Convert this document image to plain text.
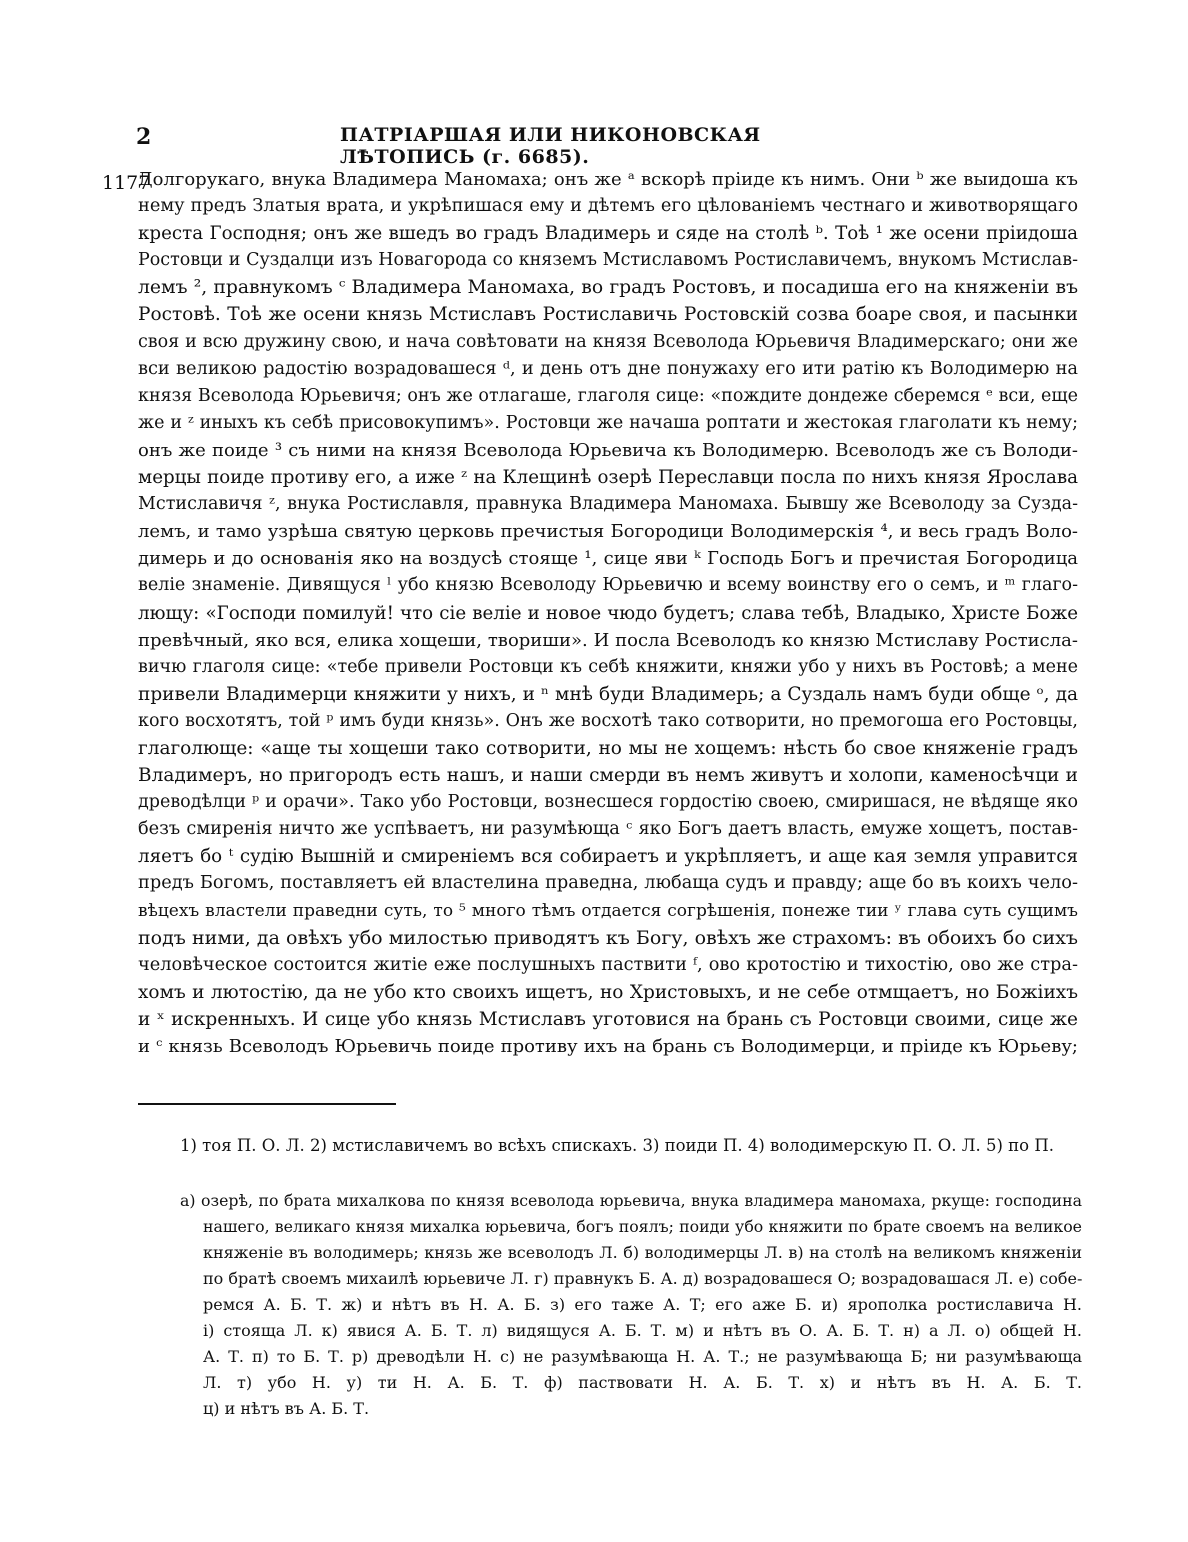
2	ПАТРІАРШАЯ ИЛИ НИКОНОВСКАЯ ЛѢТОПИСЬ (г. 6685).
1177
Долгорукаго, внука Владимера Маномаха; онъ же ᵃ вскорѣ пріиде къ нимъ. Они ᵇ же выидоша къ
нему предъ Златыя врата, и укрѣпишася ему и дѣтемъ его цѣлованіемъ честнаго и животворящаго
креста Господня; онъ же вшедъ во градъ Владимерь и сяде на столѣ ᵇ. Тоѣ ¹ же осени пріидоша
Ростовци и Суздалци изъ Новагорода со княземъ Мстиславомъ Ростиславичемъ, внукомъ Мстислав-
лемъ ², правнукомъ ᶜ Владимера Маномаха, во градъ Ростовъ, и посадиша его на княженіи въ
Ростовѣ. Тоѣ же осени князь Мстиславъ Ростиславичь Ростовскій созва боаре своя, и пасынки
своя и всю дружину свою, и нача совѣтовати на князя Всеволода Юрьевичя Владимерскаго; они же
вси великою радостію возрадовашеся ᵈ, и день отъ дне понужаху его ити ратію къ Володимерю на
князя Всеволода Юрьевичя; онъ же отлагаше, глаголя сице: «пождите дондеже сберемся ᵉ вси, еще
же и ᶻ иныхъ къ себѣ присовокупимъ». Ростовци же начаша роптати и жестокая глаголати къ нему;
онъ же поиде ³ съ ними на князя Всеволода Юрьевича къ Володимерю. Всеволодъ же съ Володи-
мерцы поиде противу его, а иже ᶻ на Клещинѣ озерѣ Переславци посла по нихъ князя Ярослава
Мстиславичя ᶻ, внука Ростиславля, правнука Владимера Маномаха. Бывшу же Всеволоду за Суздa-
лемъ, и тамо узрѣша святую церковь пречистыя Богородици Володимерскія ⁴, и весь градъ Воло-
димерь и до основанія яко на воздусѣ стояще ¹, сице яви ᵏ Господь Богъ и пречистая Богородица
веліе знаменіе. Дивящуся ˡ убо князю Всеволоду Юрьевичю и всему воинству его о семъ, и ᵐ глаго-
лющу: «Господи помилуй! что сіе веліе и новое чюдо будетъ; слава тебѣ, Владыко, Христе Боже
превѣчный, яко вся, елика хощеши, твориши». И посла Всеволодъ ко князю Мстиславу Ростисла-
вичю глаголя сице: «тебе привели Ростовци къ себѣ княжити, княжи убо у нихъ въ Ростовѣ; а мене
привели Владимерци княжити у нихъ, и ⁿ мнѣ буди Владимерь; а Суздаль намъ буди обще ᵒ, да
кого восхотятъ, той ᵖ имъ буди князь». Онъ же восхотѣ тако сотворити, но премогоша его Ростовцы,
глаголюще: «аще ты хощеши тако сотворити, но мы не хощемъ: нѣсть бо свое княженіе градъ
Владимеръ, но пригородъ есть нашъ, и наши смерди въ немъ живутъ и холопи, каменосѣчци и
древодѣлци ᵖ и орачи». Тако убо Ростовци, вознесшеся гордостію своею, смиришася, не вѣдяще яко
безъ смиренія ничто же успѣваетъ, ни разумѣюща ᶜ яко Богъ даетъ власть, емуже хощетъ, постав-
ляетъ бо ᵗ судію Вышній и смиреніемъ вся собираетъ и укрѣпляетъ, и аще кая земля управится
предъ Богомъ, поставляетъ ей властелина праведна, любаща судъ и правду; аще бо въ коихъ чело-
вѣцехъ властели праведни суть, то ⁵ много тѣмъ отдается согрѣшенія, понеже тии ʸ глава суть сущимъ
подъ ними, да овѣхъ убо милостью приводятъ къ Богу, овѣхъ же страхомъ: въ обоихъ бо сихъ
человѣческое состоится житіе еже послушныхъ паствити ᶠ, ово кротостію и тихостію, ово же стра-
хомъ и лютостію, да не убо кто своихъ ищетъ, но Христовыхъ, и не себе отмщаетъ, но Божіихъ
и ˣ искренныхъ. И сице убо князь Мстиславъ уготовися на брань съ Ростовци своими, сице же
и ᶜ князь Всеволодъ Юрьевичь поиде противу ихъ на брань съ Володимерци, и пріиде къ Юрьеву;
1) тоя П. О. Л. 2) мстиславичемъ во всѣхъ спискахъ. 3) поиди П. 4) володимерскую П. О. Л. 5) по П.
а) озерѣ, по брата михалкова по князя всеволода юрьевича, внука владимера маномаха, ркуще: господина
нашего, великаго князя михалка юрьевича, богъ поялъ; поиди убо княжити по брате своемъ на великое
княженіе въ володимерь; князь же всеволодъ Л. б) володимерцы Л. в) на столѣ на великомъ княженіи
по братѣ своемъ михаилѣ юрьевиче Л. г) правнукъ Б. А. д) возрадовашеся О; возрадовашася Л. е) собе-
ремся А. Б. Т. ж) и нѣтъ въ Н. А. Б. з) его таже А. Т; его аже Б. и) ярополка ростиславича Н.
і) стояща Л. к) явися А. Б. Т. л) видящуся А. Б. Т. м) и нѣтъ въ О. А. Б. Т. н) а Л. о) общей Н.
А. Т. п) то Б. Т. р) древодѣли Н. с) не разумѣвающа Н. А. Т.; не разумѣвающа Б; ни разумѣвающа
Л. т) убо Н. у) ти Н. А. Б. Т. ф) паствовати Н. А. Б. Т. х) и нѣтъ въ Н. А. Б. Т.
ц) и нѣтъ въ А. Б. Т.
